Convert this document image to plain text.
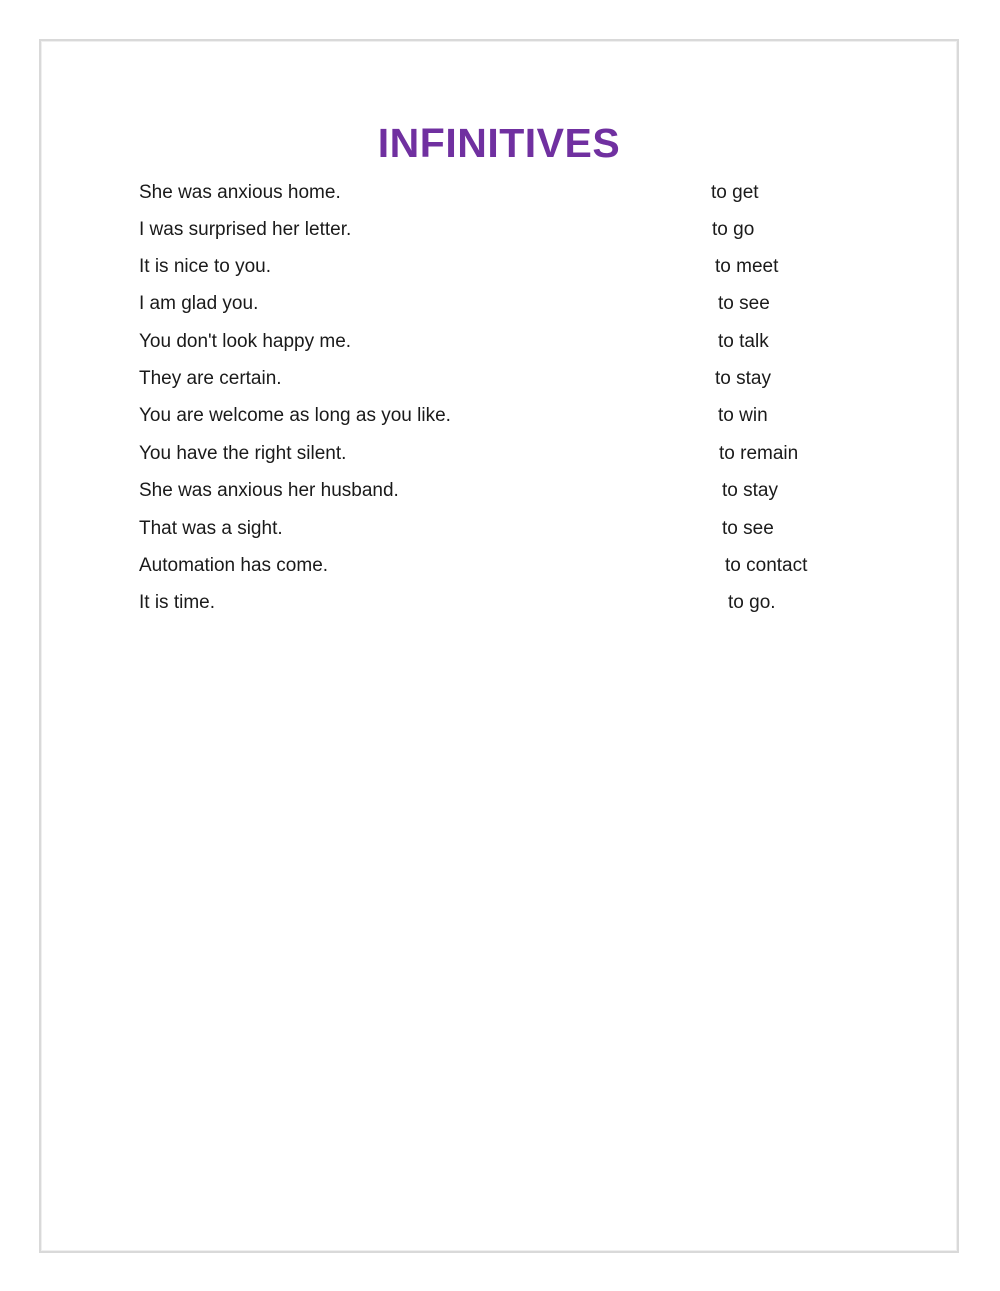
INFINITIVES
She was anxious home.	to get
I was surprised her letter.	to go
It is nice to you.	to meet
I am glad you.	to see
You don't look happy me.	to talk
They are certain.	to stay
You are welcome as long as you like.	to win
You have the right silent.	to remain
She was anxious her husband.	to stay
That was a sight.	to see
Automation has come.	to contact
It is time.	to go.
